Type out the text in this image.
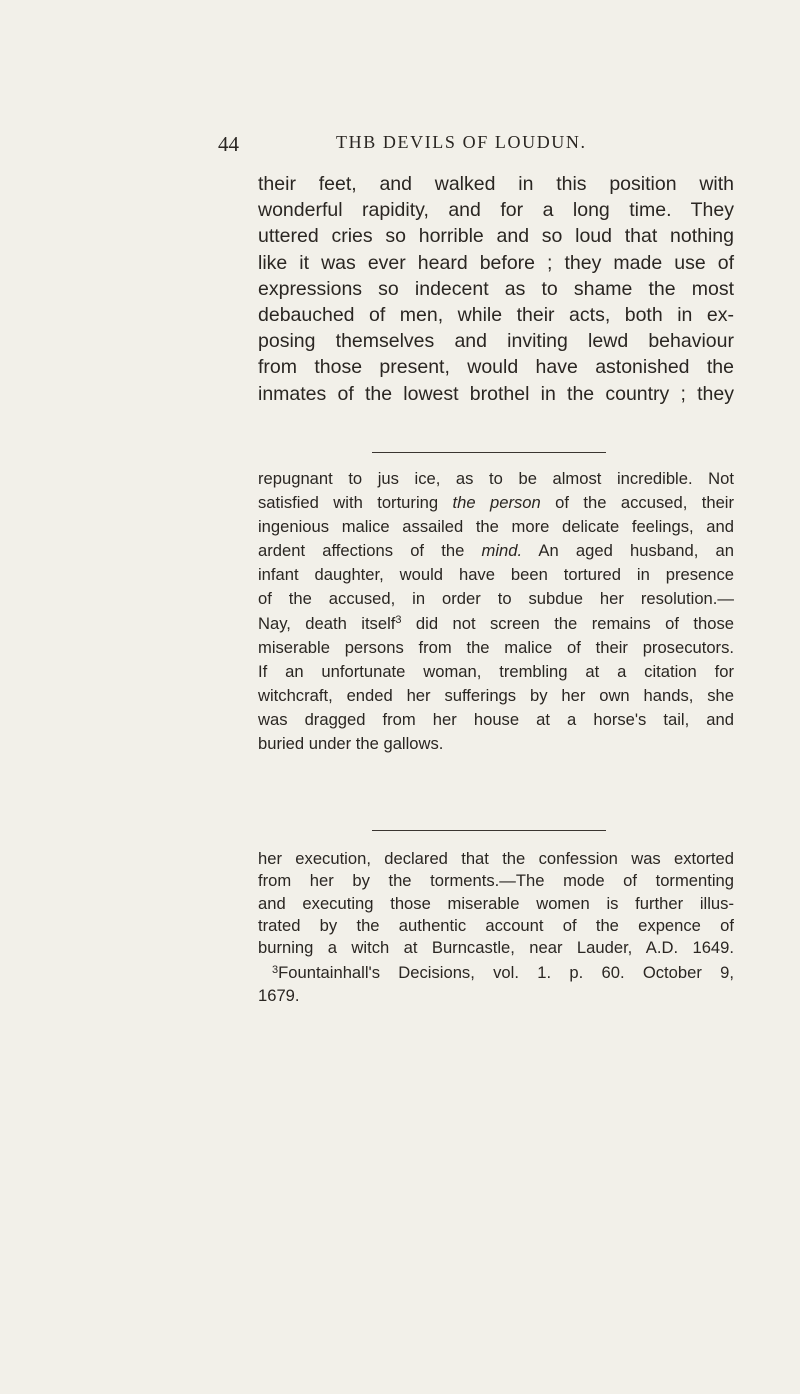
44	THB DEVILS OF LOUDUN.

their feet, and walked in this position with

wonderful rapidity, and for a long time. They

uttered cries so horrible and so loud that nothing

like it was ever heard before ; they made use of

expressions so indecent as to shame the most

debauched of men, while their acts, both in ex-

posing themselves and inviting lewd behaviour

from those present, would have astonished the

inmates of the lowest brothel in the country ; they

repugnant to jus ice, as to be almost incredible. Not

satisfied with torturing the person of the accused, their

ingenious malice assailed the more delicate feelings, and

ardent affections of the mind. An aged husband, an

infant daughter, would have been tortured in presence

of the accused, in order to subdue her resolution.—

Nay, death itself$^3$ did not screen the remains of those

miserable persons from the malice of their prosecutors.

If an unfortunate woman, trembling at a citation for

witchcraft, ended her sufferings by her own hands, she

was dragged from her house at a horse's tail, and

buried under the gallows.

her execution, declared that the confession was extorted

from her by the torments.—The mode of tormenting

and executing those miserable women is further illus-

trated by the authentic account of the expence of

burning a witch at Burncastle, near Lauder, A.D. 1649.

$^3$Fountainhall's Decisions, vol. 1. p. 60. October 9,

1679.
